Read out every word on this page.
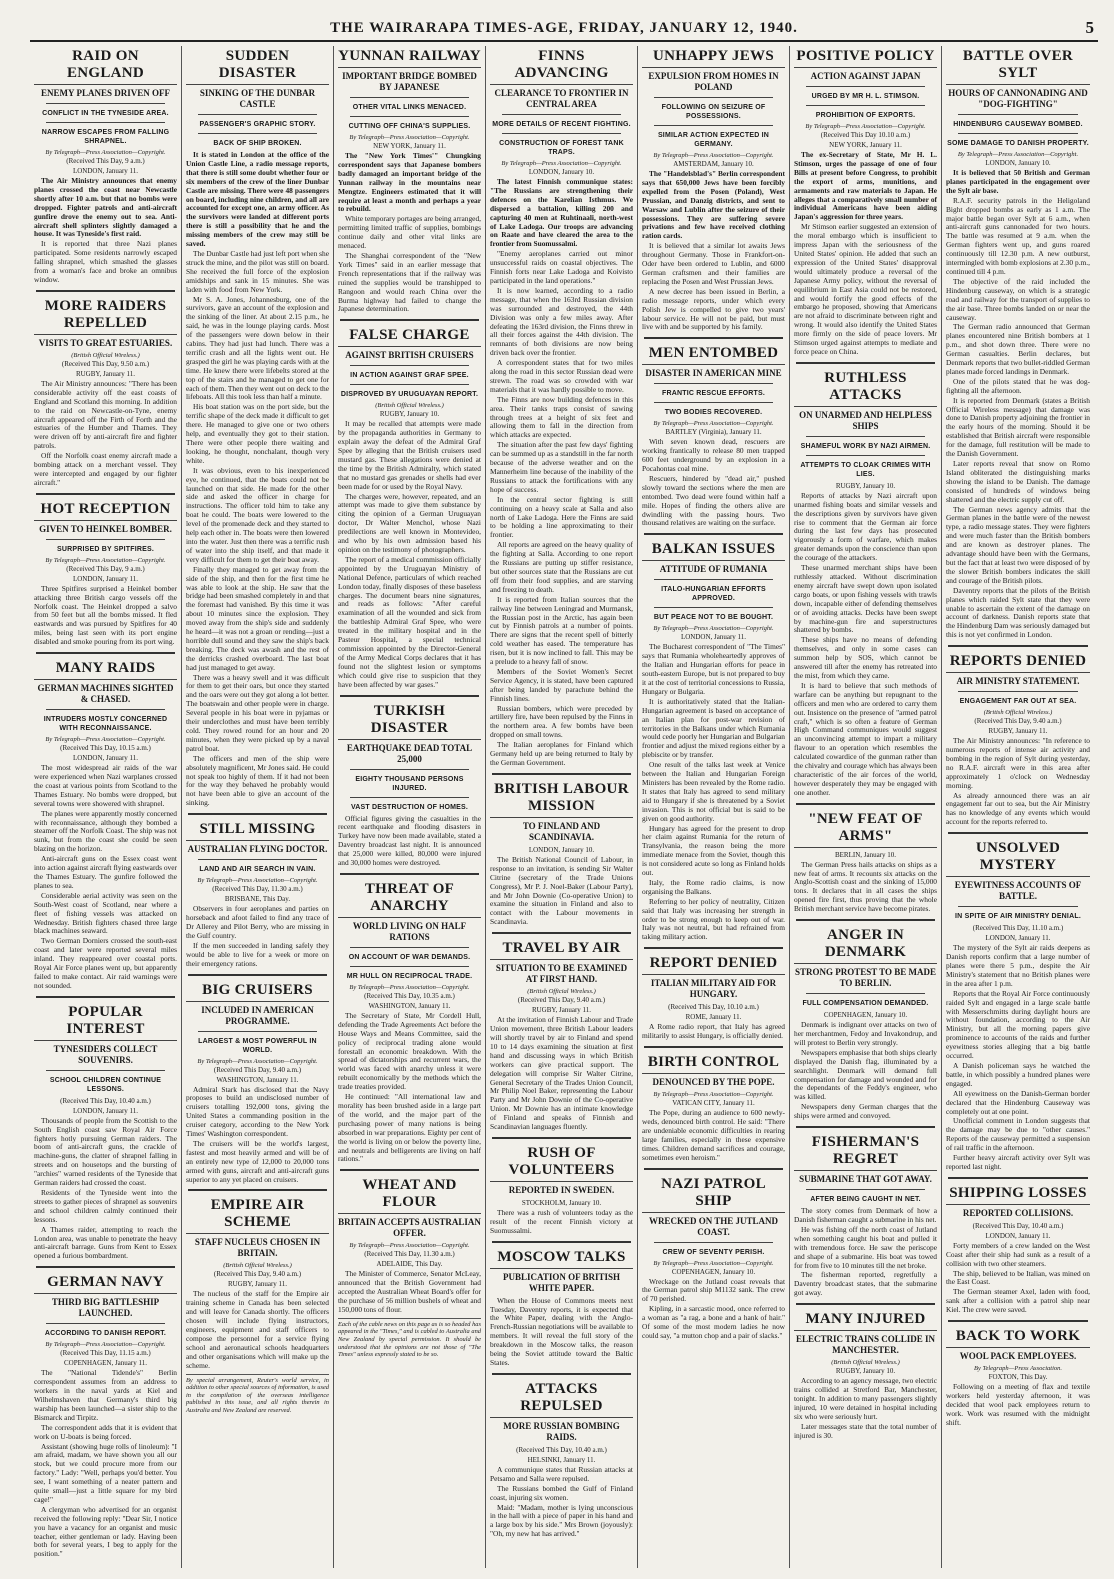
THE WAIRARAPA TIMES-AGE, FRIDAY, JANUARY 12, 1940.	5
RAID ON ENGLAND
ENEMY PLANES DRIVEN OFF
CONFLICT IN THE TYNESIDE AREA.
NARROW ESCAPES FROM FALLING SHRAPNEL.
By Telegraph—Press Association—Copyright.
(Received This Day, 9 a.m.)
LONDON, January 11.

The Air Ministry announces that enemy planes crossed the coast near Newcastle shortly after 10 a.m. but that no bombs were dropped. Fighter patrols and anti-aircraft gunfire drove the enemy out to sea. Anti-aircraft shell splinters slightly damaged a house. It was Tyneside's first raid.

It is reported that three Nazi planes participated. Some residents narrowly escaped falling shrapnel, which smashed the glasses from a woman's face and broke an omnibus window.

MORE RAIDERS REPELLED
VISITS TO GREAT ESTUARIES.
(British Official Wireless.)
(Received This Day, 9.50 a.m.)
RUGBY, January 11.

The Air Ministry announces: "There has been considerable activity off the east coasts of England and Scotland this morning. In addition to the raid on Newcastle-on-Tyne, enemy aircraft appeared off the Firth of Forth and the estuaries of the Humber and Thames. They were driven off by anti-aircraft fire and fighter patrols.

Off the Norfolk coast enemy aircraft made a bombing attack on a merchant vessel. They were intercepted and engaged by our fighter aircraft."

HOT RECEPTION
GIVEN TO HEINKEL BOMBER.
SURPRISED BY SPITFIRES.
By Telegraph—Press Association—Copyright.
(Received This Day, 9 a.m.)
LONDON, January 11.

Three Spitfires surprised a Heinkel bomber attacking three British cargo vessels off the Norfolk coast. The Heinkel dropped a salvo from 50 feet but all the bombs missed. It fled eastwards and was pursued by Spitfires for 40 miles, being last seen with its port engine disabled and smoke pouring from its port wing.

MANY RAIDS
GERMAN MACHINES SIGHTED & CHASED.
INTRUDERS MOSTLY CONCERNED WITH RECONNAISSANCE.
By Telegraph—Press Association—Copyright.
(Received This Day, 10.15 a.m.)
LONDON, January 11.

The most widespread air raids of the war were experienced when Nazi warplanes crossed the coast at various points from Scotland to the Thames Estuary. No bombs were dropped, but several towns were showered with shrapnel.

The planes were apparently mostly concerned with reconnaissance, although they bombed a steamer off the Norfolk Coast. The ship was not sunk, but from the coast she could be seen blazing on the horizon.

Anti-aircraft guns on the Essex coast went into action against aircraft flying eastwards over the Thames Estuary. The gunfire followed the planes to sea.

Considerable aerial activity was seen on the South-West coast of Scotland, near where a fleet of fishing vessels was attacked on Wednesday. British fighters chased three large black machines seaward.

Two German Dorniers crossed the south-east coast and later were reported several miles inland. They reappeared over coastal ports. Royal Air Force planes went up, but apparently failed to make contact. Air raid warnings were not sounded.

POPULAR INTEREST
TYNESIDERS COLLECT SOUVENIRS.
SCHOOL CHILDREN CONTINUE LESSONS.
(Received This Day, 10.40 a.m.)
LONDON, January 11.

Thousands of people from the Scottish to the South English coast saw Royal Air Force fighters hotly pursuing German raiders. The boom of anti-aircraft guns, the crackle of machine-guns, the clatter of shrapnel falling in streets and on housetops and the bursting of "archies" warned residents of the Tyneside that German raiders had crossed the coast.

Residents of the Tyneside went into the streets to gather pieces of shrapnel as souvenirs and school children calmly continued their lessons.

A Thames raider, attempting to reach the London area, was unable to penetrate the heavy anti-aircraft barrage. Guns from Kent to Essex opened a furious bombardment.

GERMAN NAVY
THIRD BIG BATTLESHIP LAUNCHED.
ACCORDING TO DANISH REPORT.
By Telegraph—Press Association—Copyright.
(Received This Day, 11.15 a.m.)
COPENHAGEN, January 11.

The "National Tidende's" Berlin correspondent assumes from an address to workers in the naval yards at Kiel and Wilhelmshaven that Germany's third big warship has been launched—a sister ship to the Bismarck and Tirpitz.

The correspondent adds that it is evident that work on U-boats is being forced.

Assistant (showing huge rolls of linoleum): "I am afraid, madam, we have shown you all our stock, but we could procure more from our factory." Lady: "Well, perhaps you'd better. You see, I want something of a neater pattern and quite small—just a little square for my bird cage!"

A clergyman who advertised for an organist received the following reply: "Dear Sir, I notice you have a vacancy for an organist and music teacher, either gentleman or lady. Having been both for several years, I beg to apply for the position."

SUDDEN DISASTER
SINKING OF THE DUNBAR CASTLE
PASSENGER'S GRAPHIC STORY.
BACK OF SHIP BROKEN.

It is stated in London at the office of the Union Castle Line, a radio message reports, that there is still some doubt whether four or six members of the crew of the liner Dunbar Castle are missing. There were 48 passengers on board, including nine children, and all are accounted for except one, an army officer. As the survivors were landed at different ports there is still a possibility that he and the missing members of the crew may still be saved.

The Dunbar Castle had just left port when she struck the mine, and the pilot was still on board. She received the full force of the explosion amidships and sank in 15 minutes. She was laden with food from New York.

Mr S. A. Jones, Johannesburg, one of the survivors, gave an account of the explosion and the sinking of the liner. At about 2.15 p.m., he said, he was in the lounge playing cards. Most of the passengers were down below in their cabins. They had just had lunch. There was a terrific crash and all the lights went out. He grasped the girl he was playing cards with at the time. He knew there were lifebelts stored at the top of the stairs and he managed to get one for each of them. Then they went out on deck to the lifeboats. All this took less than half a minute.

His boat station was on the port side, but the terrific shape of the deck made it difficult to get there. He managed to give one or two others help, and eventually they got to their station. There were other people there waiting and looking, he thought, nonchalant, though very white.

It was obvious, even to his inexperienced eye, he continued, that the boats could not be launched on that side. He made for the other side and asked the officer in charge for instructions. The officer told him to take any boat he could. The boats were lowered to the level of the promenade deck and they started to help each other in. The boats were then lowered into the water. Just then there was a terrific rush of water into the ship itself, and that made it very difficult for them to get their boat away.

Finally they managed to get away from the side of the ship, and then for the first time he was able to look at the ship. He saw that the bridge had been smashed completely in and that the foremast had vanished. By this time it was about 10 minutes since the explosion. They moved away from the ship's side and suddenly he heard—it was not a groan or rending—just a horrible dull sound and they saw the ship's back breaking. The deck was awash and the rest of the derricks crashed overboard. The last boat had just managed to get away.

There was a heavy swell and it was difficult for them to get their oars, but once they started and the oars were out they got along a lot better. The boatswain and other people were in charge. Several people in his boat were in pyjamas or their underclothes and must have been terribly cold. They rowed round for an hour and 20 minutes, when they were picked up by a naval patrol boat.

The officers and men of the ship were absolutely magnificent, Mr Jones said. He could not speak too highly of them. If it had not been for the way they behaved he probably would not have been able to give an account of the sinking.

STILL MISSING
AUSTRALIAN FLYING DOCTOR.
LAND AND AIR SEARCH IN VAIN.
By Telegraph—Press Association—Copyright.
(Received This Day, 11.30 a.m.)
BRISBANE, This Day.

Observers in four aeroplanes and parties on horseback and afoot failed to find any trace of Dr Allerey and Pilot Berry, who are missing in the Gulf country.

If the men succeeded in landing safely they would be able to live for a week or more on their emergency rations.

BIG CRUISERS
INCLUDED IN AMERICAN PROGRAMME.
LARGEST & MOST POWERFUL IN WORLD.
By Telegraph—Press Association—Copyright.
(Received This Day, 9.40 a.m.)
WASHINGTON, January 11.

Admiral Stark has disclosed that the Navy proposes to build an undisclosed number of cruisers totalling 192,000 tons, giving the United States a commanding position in the cruiser category, according to the New York Times' Washington correspondent.

The cruisers will be the world's largest, fastest and most heavily armed and will be of an entirely new type of 12,000 to 20,000 tons armed with guns, aircraft and anti-aircraft guns superior to any yet placed on cruisers.

EMPIRE AIR SCHEME
STAFF NUCLEUS CHOSEN IN BRITAIN.
(British Official Wireless.)
(Received This Day, 9.40 a.m.)
RUGBY, January 11.

The nucleus of the staff for the Empire air training scheme in Canada has been selected and will leave for Canada shortly. The officers chosen will include flying instructors, engineers, equipment and staff officers to compose the personnel for a service flying school and aeronautical schools headquarters and other organisations which will make up the scheme.

By special arrangement, Reuter's world service, in addition to other special sources of information, is used in the compilation of the overseas intelligence published in this issue, and all rights therein in Australia and New Zealand are reserved.
YUNNAN RAILWAY
IMPORTANT BRIDGE BOMBED BY JAPANESE
OTHER VITAL LINKS MENACED.
CUTTING OFF CHINA'S SUPPLIES.
By Telegraph—Press Association—Copyright.
NEW YORK, January 11.

The "New York Times'" Chungking correspondent says that Japanese bombers badly damaged an important bridge of the Yunnan railway in the mountains near Mengtze. Engineers estimated that it will require at least a month and perhaps a year to rebuild.

White temporary portages are being arranged, permitting limited traffic of supplies, bombings continue daily and other vital links are menaced.

The Shanghai correspondent of the "New York Times" said in an earlier message that French representations that if the railway was ruined the supplies would be transhipped to Rangoon and would reach China over the Burma highway had failed to change the Japanese determination.

FALSE CHARGE
AGAINST BRITISH CRUISERS
IN ACTION AGAINST GRAF SPEE.
DISPROVED BY URUGUAYAN REPORT.
(British Official Wireless.)
RUGBY, January 10.

It may be recalled that attempts were made by the propaganda authorities in Germany to explain away the defeat of the Admiral Graf Spee by alleging that the British cruisers used mustard gas. These allegations were denied at the time by the British Admiralty, which stated that no mustard gas grenades or shells had ever been made for or used by the Royal Navy.

The charges were, however, repeated, and an attempt was made to give them substance by citing the opinion of a German Uruguayan doctor, Dr Walter Menchol, whose Nazi predilections are well known in Montevideo, and who by his own admission based his opinion on the testimony of photographers.

The report of a medical commission officially appointed by the Uruguayan Ministry of National Defence, particulars of which reached London today, finally disposes of these baseless charges. The document bears nine signatures, and reads as follows: "After careful examination of all the wounded and sick from the battleship Admiral Graf Spee, who were treated in the military hospital and in the Pasteur Hospital, a special technical commission appointed by the Director-General of the Army Medical Corps declares that it has found not the slightest lesion or symptoms which could give rise to suspicion that they have been affected by war gases."

TURKISH DISASTER
EARTHQUAKE DEAD TOTAL 25,000
EIGHTY THOUSAND PERSONS INJURED.
VAST DESTRUCTION OF HOMES.

Official figures giving the casualties in the recent earthquake and flooding disasters in Turkey have now been made available, stated a Daventry broadcast last night. It is announced that 25,000 were killed, 80,000 were injured and 30,000 homes were destroyed.

THREAT OF ANARCHY
WORLD LIVING ON HALF RATIONS
ON ACCOUNT OF WAR DEMANDS.
MR HULL ON RECIPROCAL TRADE.
By Telegraph—Press Association—Copyright.
(Received This Day, 10.35 a.m.)
WASHINGTON, January 11.

The Secretary of State, Mr Cordell Hull, defending the Trade Agreements Act before the House Ways and Means Committee, said the policy of reciprocal trading alone would forestall an economic breakdown. With the spread of dictatorships and recurrent wars, the world was faced with anarchy unless it were rebuilt economically by the methods which the trade treaties provided.

He continued: "All international law and morality has been brushed aside in a large part of the world, and the major part of the purchasing power of many nations is being absorbed in war preparations. Eighty per cent of the world is living on or below the poverty line, and neutrals and belligerents are living on half rations."

WHEAT AND FLOUR
BRITAIN ACCEPTS AUSTRALIAN OFFER.
By Telegraph—Press Association—Copyright.
(Received This Day, 11.30 a.m.)
ADELAIDE, This Day.

The Minister of Commerce, Senator McLeay, announced that the British Government had accepted the Australian Wheat Board's offer for the purchase of 56 million bushels of wheat and 150,000 tons of flour.

Each of the cable news on this page as is so headed has appeared in the "Times," and is cabled to Australia and New Zealand by special permission. It should be understood that the opinions are not those of "The Times" unless expressly stated to be so.
FINNS ADVANCING
CLEARANCE TO FRONTIER IN CENTRAL AREA
MORE DETAILS OF RECENT FIGHTING.
CONSTRUCTION OF FOREST TANK TRAPS.
By Telegraph—Press Association—Copyright.
LONDON, January 10.

The latest Finnish communique states: "The Russians are strengthening their defences on the Karelian Isthmus. We dispersed a battalion, killing 200 and capturing 40 men at Ruhtinaali, north-west of Lake Ladoga. Our troops are advancing on Raate and have cleared the area to the frontier from Suomussalmi.

"Enemy aeroplanes carried out minor unsuccessful raids on coastal objectives. The Finnish forts near Lake Ladoga and Koivisto participated in the land operations."

It is now learned, according to a radio message, that when the 163rd Russian division was surrounded and destroyed, the 44th Division was only a few miles away. After defeating the 163rd division, the Finns threw in all their forces against the 44th division. The remnants of both divisions are now being driven back over the frontier.

A correspondent states that for two miles along the road in this sector Russian dead were strewn. The road was so crowded with war materials that it was hardly possible to move.

The Finns are now building defences in this area. Their tanks traps consist of sawing through trees at a height of six feet and allowing them to fall in the direction from which attacks are expected.

The situation after the past few days' fighting can be summed up as a standstill in the far north because of the adverse weather and on the Mannerheim line because of the inability of the Russians to attack the fortifications with any hope of success.

In the central sector fighting is still continuing on a heavy scale at Salla and also north of Lake Ladoga. Here the Finns are said to be holding a line approximating to their frontier.

All reports are agreed on the heavy quality of the fighting at Salla. According to one report the Russians are putting up stiffer resistance, but other sources state that the Russians are cut off from their food supplies, and are starving and freezing to death.

It is reported from Italian sources that the railway line between Leningrad and Murmansk, the Russian post in the Arctic, has again been cut by Finnish patrols at a number of points. There are signs that the recent spell of bitterly cold weather has eased. The temperature has risen, but it is now inclined to fall. This may be a prelude to a heavy fall of snow.

Members of the Soviet Women's Secret Service Agency, it is stated, have been captured after being landed by parachute behind the Finnish lines.

Russian bombers, which were preceded by artillery fire, have been repulsed by the Finns in the northern area. A few bombs have been dropped on small towns.

The Italian aeroplanes for Finland which Germany held up are being returned to Italy by the German Government.

BRITISH LABOUR MISSION
TO FINLAND AND SCANDINAVIA.
LONDON, January 10.

The British National Council of Labour, in response to an invitation, is sending Sir Walter Citrine (secretary of the Trade Unions Congress), Mr P. J. Noel-Baker (Labour Party), and Mr John Downie (Co-operative Union) to examine the situation in Finland and also to contact with the Labour movements in Scandinavia.

TRAVEL BY AIR
SITUATION TO BE EXAMINED AT FIRST HAND.
(British Official Wireless.)
(Received This Day, 9.40 a.m.)
RUGBY, January 11.

At the invitation of Finnish Labour and Trade Union movement, three British Labour leaders will shortly travel by air to Finland and spend 10 to 14 days examining the situation at first hand and discussing ways in which British workers can give practical support. The delegation will comprise Sir Walter Citrine, General Secretary of the Trades Union Council, Mr Philip Noel Baker, representing the Labour Party and Mr John Downie of the Co-operative Union. Mr Downie has an intimate knowledge of Finland and speaks of Finnish and Scandinavian languages fluently.

RUSH OF VOLUNTEERS
REPORTED IN SWEDEN.
STOCKHOLM, January 10.

There was a rush of volunteers today as the result of the recent Finnish victory at Suomussalmi.

MOSCOW TALKS
PUBLICATION OF BRITISH WHITE PAPER.

When the House of Commons meets next Tuesday, Daventry reports, it is expected that the White Paper, dealing with the Anglo-French-Russian negotiations will be available to members. It will reveal the full story of the breakdown in the Moscow talks, the reason being the Soviet attitude toward the Baltic States.

ATTACKS REPULSED
MORE RUSSIAN BOMBING RAIDS.
(Received This Day, 10.40 a.m.)
HELSINKI, January 11.

A communique states that Russian attacks at Petsamo and Salla were repulsed.

The Russians bombed the Gulf of Finland coast, injuring six women.

Maid: "Madam, mother is lying unconscious in the hall with a piece of paper in his hand and a large box by his side." Mrs Brown (joyously): "Oh, my new hat has arrived."

UNHAPPY JEWS
EXPULSION FROM HOMES IN POLAND
FOLLOWING ON SEIZURE OF POSSESSIONS.
SIMILAR ACTION EXPECTED IN GERMANY.
By Telegraph—Press Association—Copyright.
AMSTERDAM, January 10.

The "Handelsblad's" Berlin correspondent says that 650,000 Jews have been forcibly expelled from the Posen (Poland), West Prussian, and Danzig districts, and sent to Warsaw and Lublin after the seizure of their possessions. They are suffering severe privations and few have received clothing ration cards.

It is believed that a similar lot awaits Jews throughout Germany. Those in Frankfort-on-Oder have been ordered to Lublin, and 6000 German craftsmen and their families are replacing the Posen and West Prussian Jews.

A new decree has been issued in Berlin, a radio message reports, under which every Polish Jew is compelled to give two years' labour service. He will not be paid, but must live with and be supported by his family.

MEN ENTOMBED
DISASTER IN AMERICAN MINE
FRANTIC RESCUE EFFORTS.
TWO BODIES RECOVERED.
By Telegraph—Press Association—Copyright.
BARTLEY (Virginia), January 11.

With seven known dead, rescuers are working frantically to release 80 men trapped 600 feet underground by an explosion in a Pocahontas coal mine.

Rescuers, hindered by "dead air," pushed slowly toward the sections where the men are entombed. Two dead were found within half a mile. Hopes of finding the others alive are dwindling with the passing hours. Two thousand relatives are waiting on the surface.

BALKAN ISSUES
ATTITUDE OF RUMANIA
ITALO-HUNGARIAN EFFORTS APPROVED.
BUT PEACE NOT TO BE BOUGHT.
By Telegraph—Press Association—Copyright.
LONDON, January 11.

The Bucharest correspondent of "The Times" says that Rumania wholeheartedly approves of the Italian and Hungarian efforts for peace in south-eastern Europe, but is not prepared to buy it at the cost of territorial concessions to Russia, Hungary or Bulgaria.

It is authoritatively stated that the Italian-Hungarian agreement is based on acceptance of an Italian plan for post-war revision of territories in the Balkans under which Rumania would cede poorly her Hungarian and Bulgarian frontier and adjust the mixed regions either by a plebiscite or by transfer.

One result of the talks last week at Venice between the Italian and Hungarian Foreign Ministers has been revealed by the Rome radio. It states that Italy has agreed to send military aid to Hungary if she is threatened by a Soviet invasion. This is not official but is said to be given on good authority.

Hungary has agreed for the present to drop her claim against Rumania for the return of Transylvania, the reason being the more immediate menace from the Soviet, though this is not considered acute so long as Finland holds out.

Italy, the Rome radio claims, is now organising the Balkans.

Referring to her policy of neutrality, Citizen said that Italy was increasing her strength in order to be strong enough to keep out of war. Italy was not neutral, but had refrained from taking military action.

REPORT DENIED
ITALIAN MILITARY AID FOR HUNGARY.
(Received This Day, 10.10 a.m.)
ROME, January 11.

A Rome radio report, that Italy has agreed militarily to assist Hungary, is officially denied.

BIRTH CONTROL
DENOUNCED BY THE POPE.
By Telegraph—Press Association—Copyright.
VATICAN CITY, January 11.

The Pope, during an audience to 600 newly-weds, denounced birth control. He said: "There are undeniable economic difficulties in rearing large families, especially in these expensive times. Children demand sacrifices and courage, sometimes even heroism."

NAZI PATROL SHIP
WRECKED ON THE JUTLAND COAST.
CREW OF SEVENTY PERISH.
By Telegraph—Press Association—Copyright.
COPENHAGEN, January 10.

Wreckage on the Jutland coast reveals that the German patrol ship M1132 sank. The crew of 70 perished.

Kipling, in a sarcastic mood, once referred to a woman as "a rag, a bone and a hank of hair." Of some of the most modern ladies he now could say, "a mutton chop and a pair of slacks."

POSITIVE POLICY
ACTION AGAINST JAPAN
URGED BY MR H. L. STIMSON.
PROHIBITION OF EXPORTS.
By Telegraph—Press Association—Copyright.
(Received This Day 10.10 a.m.)
NEW YORK, January 11.

The ex-Secretary of State, Mr H. L. Stimson, urges the passage of one of four Bills at present before Congress, to prohibit the export of arms, munitions, and armaments and raw materials to Japan. He alleges that a comparatively small number of individual Americans have been aiding Japan's aggression for three years.

Mr Stimson earlier suggested an extension of the moral embargo which is insufficient to impress Japan with the seriousness of the United States' opinion. He added that such an expression of the United States' disapproval would ultimately produce a reversal of the Japanese Army policy, without the reversal of equilibrium in East Asia could not be restored, and would fortify the good effects of the embargo he proposed, showing that Americans are not afraid to discriminate between right and wrong. It would also identify the United States more firmly on the side of peace lovers. Mr Stimson urged against attempts to mediate and force peace on China.

RUTHLESS ATTACKS
ON UNARMED AND HELPLESS SHIPS
SHAMEFUL WORK BY NAZI AIRMEN.
ATTEMPTS TO CLOAK CRIMES WITH LIES.
RUGBY, January 10.

Reports of attacks by Nazi aircraft upon unarmed fishing boats and similar vessels and the descriptions given by survivors have given rise to comment that the German air force during the last few days has prosecuted vigorously a form of warfare, which makes greater demands upon the conscience than upon the courage of the attackers.

These unarmed merchant ships have been ruthlessly attacked. Without discrimination enemy aircraft have swept down upon isolated cargo boats, or upon fishing vessels with trawls down, incapable either of defending themselves or of avoiding attacks. Decks have been swept by machine-gun fire and superstructures shattered by bombs.

These ships have no means of defending themselves, and only in some cases can summon help by SOS, which cannot be answered till after the enemy has retreated into the mist, from which they came.

It is hard to believe that such methods of warfare can be anything but repugnant to the officers and men who are ordered to carry them out. Insistence on the presence of "armed patrol craft," which is so often a feature of German High Command communiques would suggest an unconvincing attempt to impart a military flavour to an operation which resembles the calculated cowardice of the gunman rather than the chivalry and courage which has always been characteristic of the air forces of the world, however desperately they may be engaged with one another.

"NEW FEAT OF ARMS"
BERLIN, January 10.

The German Press hails attacks on ships as a new feat of arms. It recounts six attacks on the Anglo-Scottish coast and the sinking of 15,000 tons. It declares that in all cases the ships opened fire first, thus proving that the whole British merchant service have become pirates.

ANGER IN DENMARK
STRONG PROTEST TO BE MADE TO BERLIN.
FULL COMPENSATION DEMANDED.
COPENHAGEN, January 10.

Denmark is indignant over attacks on two of her merchantmen, Fedoy and Invakondrup, and will protest to Berlin very strongly.

Newspapers emphasise that both ships clearly displayed the Danish flag, illuminated by a searchlight. Denmark will demand full compensation for damage and wounded and for the dependants of the Feddy's engineer, who was killed.

Newspapers deny German charges that the ships were armed and convoyed.

FISHERMAN'S REGRET
SUBMARINE THAT GOT AWAY.
AFTER BEING CAUGHT IN NET.

The story comes from Denmark of how a Danish fisherman caught a submarine in his net.

He was fishing off the north coast of Jutland when something caught his boat and pulled it with tremendous force. He saw the periscope and shape of a submarine. His boat was towed for from five to 10 minutes till the net broke.

The fisherman reported, regretfully a Daventry broadcast states, that the submarine got away.

MANY INJURED
ELECTRIC TRAINS COLLIDE IN MANCHESTER.
(British Official Wireless.)
RUGBY, January 10.

According to an agency message, two electric trains collided at Stretford Bar, Manchester, tonight. In addition to many passengers slightly injured, 10 were detained in hospital including six who were seriously hurt.

Later messages state that the total number of injured is 30.

BATTLE OVER SYLT
HOURS OF CANNONADING AND "DOG-FIGHTING"
HINDENBURG CAUSEWAY BOMBED.
SOME DAMAGE TO DANISH PROPERTY.
By Telegraph—Press Association—Copyright.
LONDON, January 10.

It is believed that 50 British and German planes participated in the engagement over the Sylt air base.

R.A.F. security patrols in the Heligoland Bight dropped bombs as early as 1 a.m. The major battle began over Sylt at 6 a.m., when anti-aircraft guns cannonaded for two hours. The battle was resumed at 9 a.m. when the German fighters went up, and guns roared continuously till 12.30 p.m. A new outburst, intermingled with bomb explosions at 2.30 p.m., continued till 4 p.m.

The objective of the raid included the Hindenburg causeway, on which is a strategic road and railway for the transport of supplies to the air base. Three bombs landed on or near the causeway.

The German radio announced that German planes encountered nine British bombers at 1 p.m., and shot down three. There were no German casualties. Berlin declares, but Denmark reports that two bullet-riddled German planes made forced landings in Denmark.

One of the pilots stated that he was dog-fighting all the afternoon.

It is reported from Denmark (states a British Official Wireless message) that damage was done to Danish property adjoining the frontier in the early hours of the morning. Should it be established that British aircraft were responsible for the damage, full restitution will be made to the Danish Government.

Later reports reveal that snow on Romo Island obliterated the distinguishing marks showing the island to be Danish. The damage consisted of hundreds of windows being shattered and the electric supply cut off.

The German news agency admits that the German planes in the battle were of the newest type, a radio message states. They were fighters and were much faster than the British bombers and are known as destroyer planes. The advantage should have been with the Germans, but the fact that at least two were disposed of by the slower British bombers indicates the skill and courage of the British pilots.

Daventry reports that the pilots of the British planes which raided Sylt state that they were unable to ascertain the extent of the damage on account of darkness. Danish reports state that the Hindenburg Dam was seriously damaged but this is not yet confirmed in London.

REPORTS DENIED
AIR MINISTRY STATEMENT.
ENGAGEMENT FAR OUT AT SEA.
(British Official Wireless.)
(Received This Day, 9.40 a.m.)
RUGBY, January 11.

The Air Ministry announces: "In reference to numerous reports of intense air activity and bombing in the region of Sylt during yesterday, no R.A.F. aircraft were in this area after approximately 1 o'clock on Wednesday morning.

As already announced there was an air engagement far out to sea, but the Air Ministry has no knowledge of any events which would account for the reports referred to.

UNSOLVED MYSTERY
EYEWITNESS ACCOUNTS OF BATTLE.
IN SPITE OF AIR MINISTRY DENIAL.
(Received This Day, 11.10 a.m.)
LONDON, January 11.

The mystery of the Sylt air raids deepens as Danish reports confirm that a large number of planes were there 5 p.m., despite the Air Ministry's statement that no British planes were in the area after 1 p.m.

Reports that the Royal Air Force continuously raided Sylt and engaged in a large scale battle with Messerschmitts during daylight hours are without foundation, according to the Air Ministry, but all the morning papers give prominence to accounts of the raids and further eyewitness stories alleging that a big battle occurred.

A Danish policeman says he watched the battle, in which possibly a hundred planes were engaged.

All eyewitness on the Danish-German border declared that the Hindenburg Causeway was completely out at one point.

Unofficial comment in London suggests that the damage may be due to "other causes." Reports of the causeway permitted a suspension of rail traffic in the afternoon.

Further heavy aircraft activity over Sylt was reported last night.

SHIPPING LOSSES
REPORTED COLLISIONS.
(Received This Day, 10.40 a.m.)
LONDON, January 11.

Forty members of a crew landed on the West Coast after their ship had sunk as a result of a collision with two other steamers.

The ship, believed to be Italian, was mined on the East Coast.

The German steamer Axel, laden with food, sank after a collision with a patrol ship near Kiel. The crew were saved.

BACK TO WORK
WOOL PACK EMPLOYEES.
By Telegraph—Press Association.
FOXTON, This Day.

Following on a meeting of flax and textile workers held yesterday afternoon, it was decided that wool pack employees return to work. Work was resumed with the midnight shift.
